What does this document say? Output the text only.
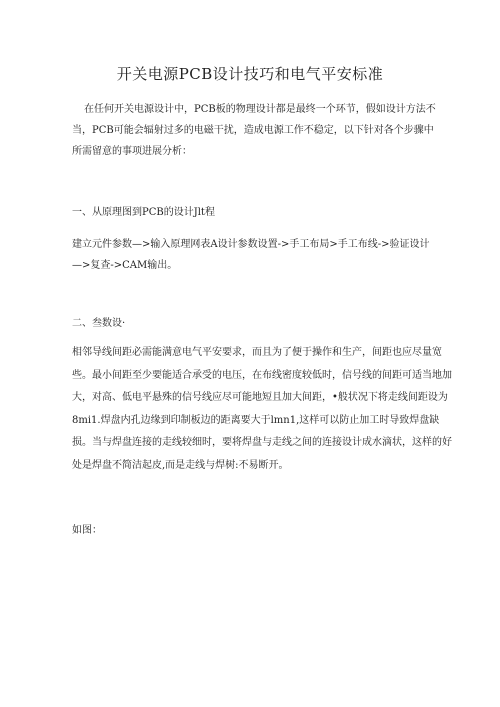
开关电源PCB设计技巧和电气平安标准

在任何开关电源设计中，PCB板的物理设计都是最终一个环节，假如设计方法不当，PCB可能会辐射过多的电磁干扰，造成电源工作不稳定，以下针对各个步骤中所需留意的事项进展分析：

一、从原理图到PCB的设计Jlt程

建立元件参数—>输入原理网表A设计参数设置->手工布局>手工布线->验证设计—>复查->CAM输出。

二、叁数设·

相邻导线间距必需能满意电气平安要求，而且为了便于操作和生产，间距也应尽量宽些。最小间距至少要能适合承受的电压，在布线密度较低时，信号线的间距可适当地加大，对高、低电平悬殊的信号线应尽可能地短且加大间距，•般状况下将走线间距设为8mi1.焊盘内孔边缘到印制板边的距离要大于lmn1,这样可以防止加工时导致焊盘缺损。当与焊盘连接的走线较细时，要将焊盘与走线之间的连接设计成水滴状，这样的好处是焊盘不简洁起皮,而是走线与焊树:不易断开。

如图：
